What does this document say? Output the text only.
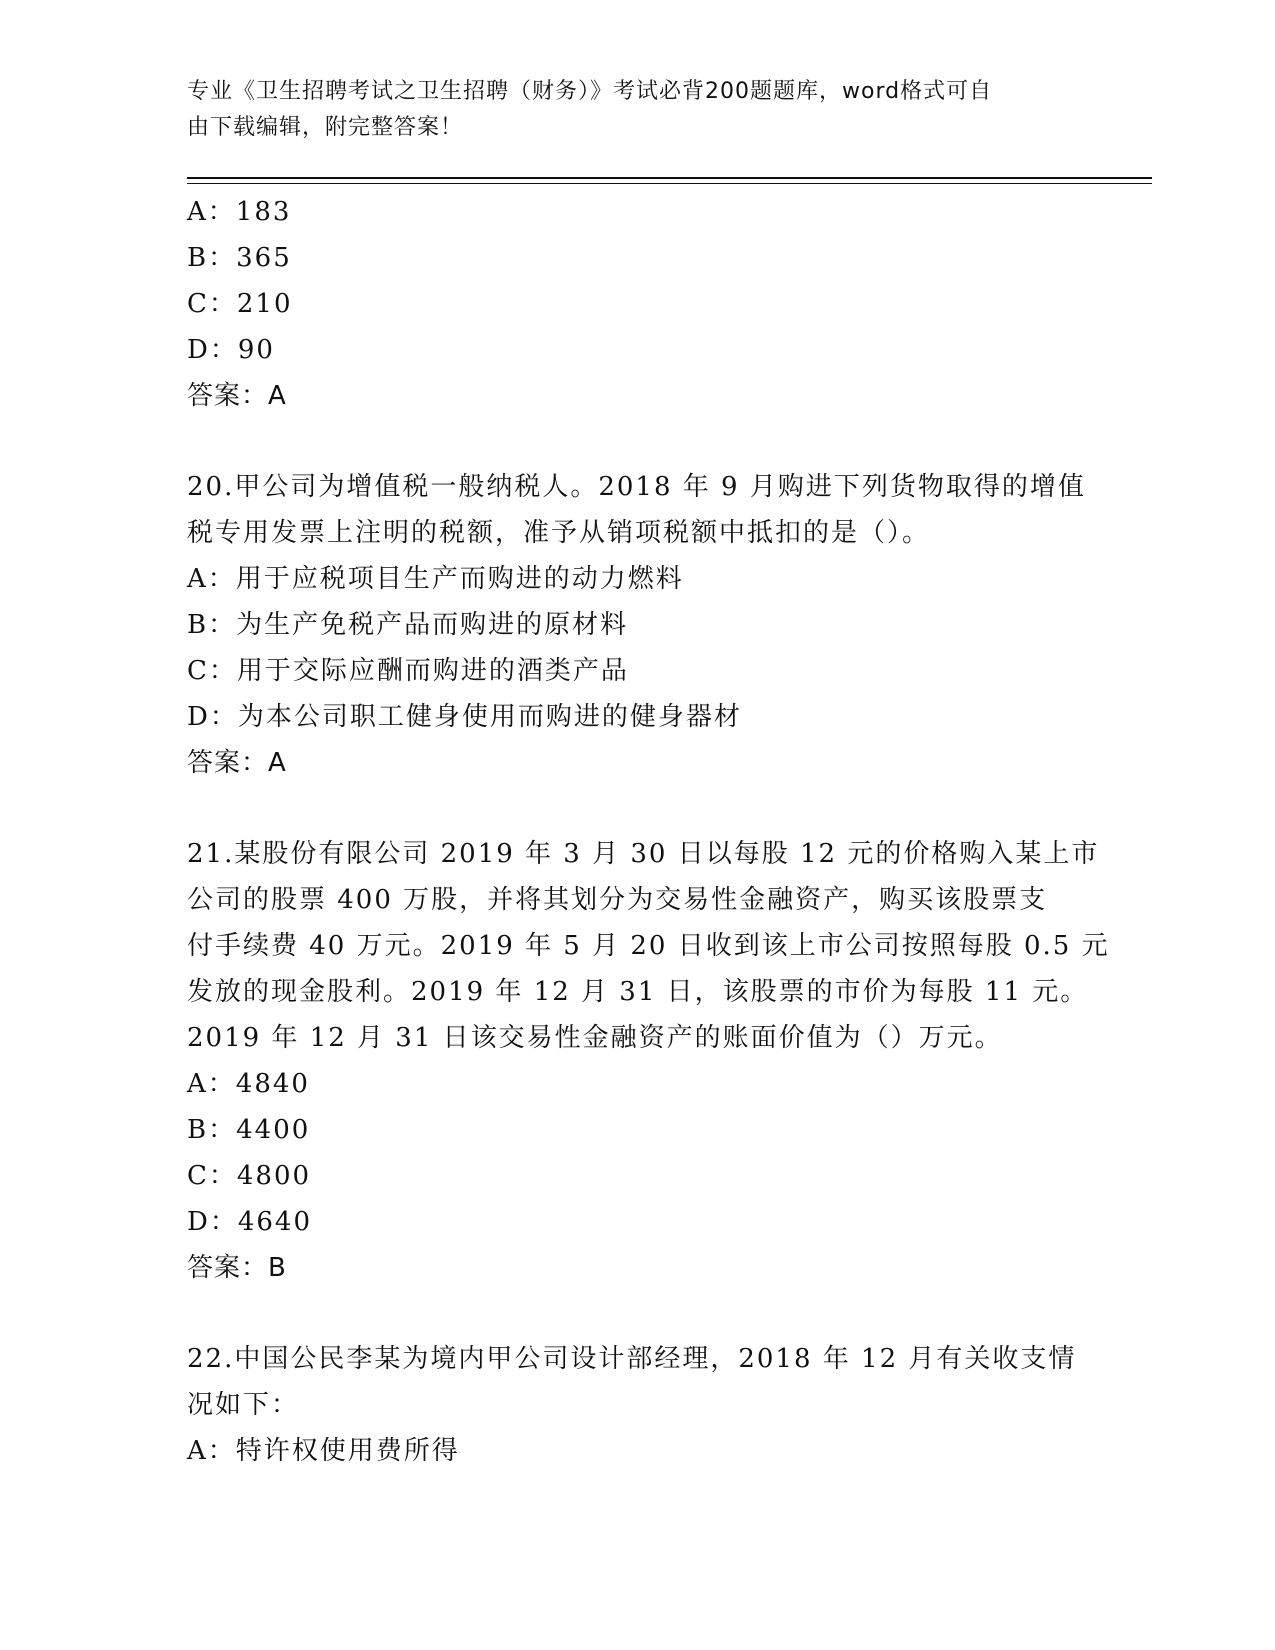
专业《卫生招聘考试之卫生招聘（财务）》考试必背200题题库，word格式可自
由下载编辑，附完整答案！
A：183
B：365
C：210
D：90
答案：A
20.甲公司为增值税一般纳税人。2018 年 9 月购进下列货物取得的增值
税专用发票上注明的税额，准予从销项税额中抵扣的是（）。
A：用于应税项目生产而购进的动力燃料
B：为生产免税产品而购进的原材料
C：用于交际应酬而购进的酒类产品
D：为本公司职工健身使用而购进的健身器材
答案：A
21.某股份有限公司 2019 年 3 月 30 日以每股 12 元的价格购入某上市
公司的股票 400 万股，并将其划分为交易性金融资产，购买该股票支
付手续费 40 万元。2019 年 5 月 20 日收到该上市公司按照每股 0.5 元
发放的现金股利。2019 年 12 月 31 日，该股票的市价为每股 11 元。
2019 年 12 月 31 日该交易性金融资产的账面价值为（）万元。
A：4840
B：4400
C：4800
D：4640
答案：B
22.中国公民李某为境内甲公司设计部经理，2018 年 12 月有关收支情
况如下：
A：特许权使用费所得
